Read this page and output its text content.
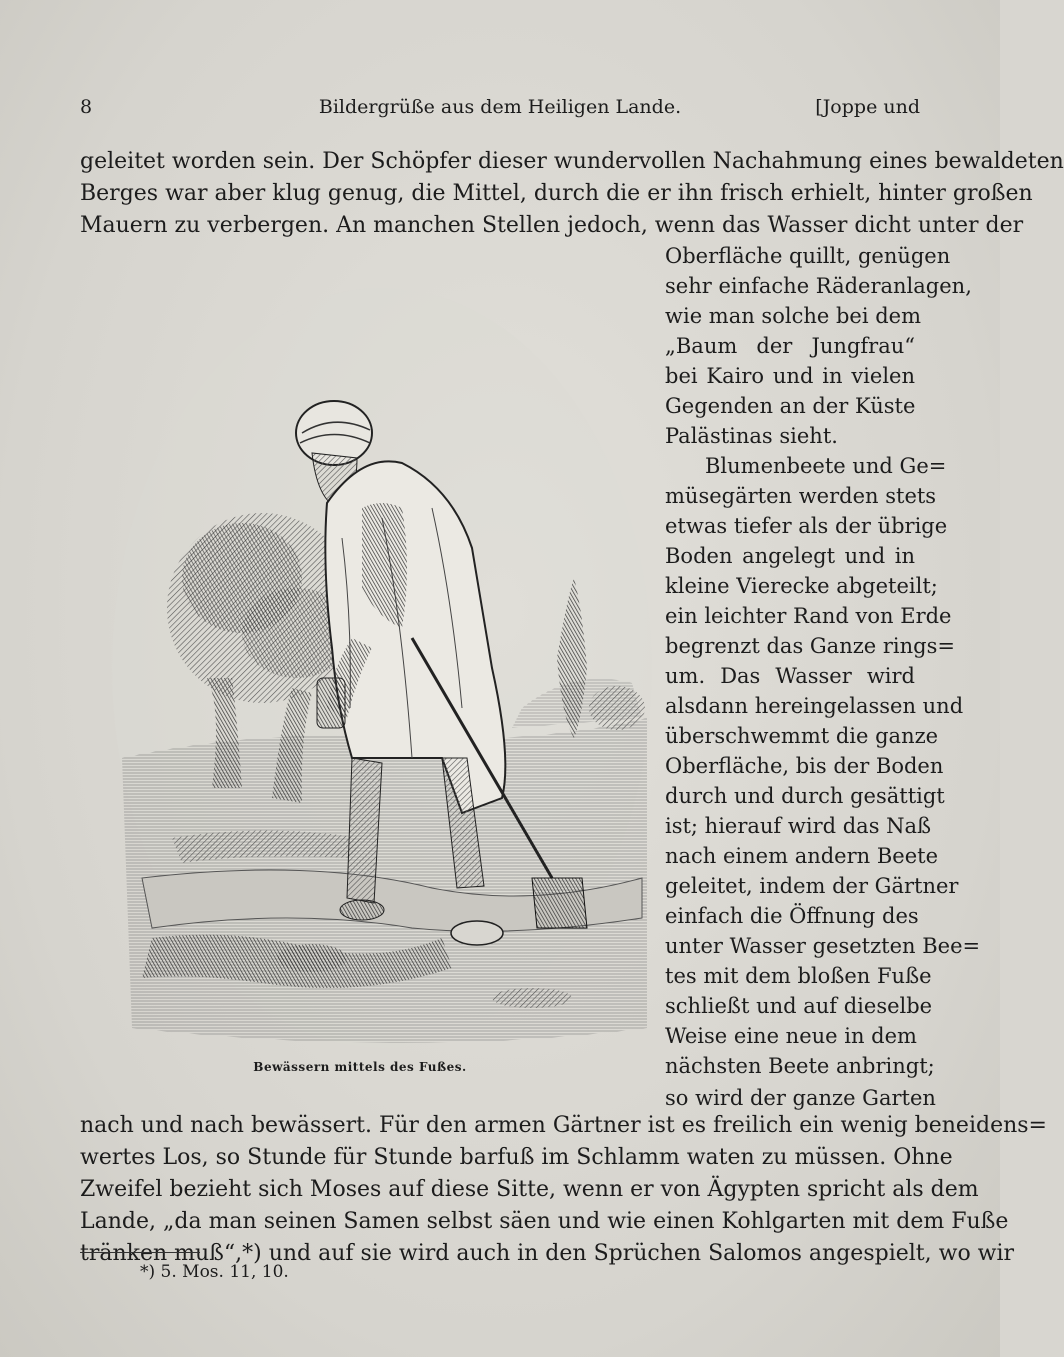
8	Bildergrüße aus dem Heiligen Lande.	[Joppe und
geleitet worden sein. Der Schöpfer dieser wundervollen Nachahmung eines bewaldeten
Berges war aber klug genug, die Mittel, durch die er ihn frisch erhielt, hinter großen
Mauern zu verbergen. An manchen Stellen jedoch, wenn das Wasser dicht unter der
Oberfläche quillt, genügen
sehr einfache Räderanlagen,
wie man solche bei dem
„Baum der Jungfrau“
bei Kairo und in vielen
Gegenden an der Küste
Palästinas sieht.
Blumenbeete und Ge=
müsegärten werden stets
etwas tiefer als der übrige
Boden angelegt und in
kleine Vierecke abgeteilt;
ein leichter Rand von Erde
begrenzt das Ganze rings=
um. Das Wasser wird
alsdann hereingelassen und
überschwemmt die ganze
Oberfläche, bis der Boden
durch und durch gesättigt
ist; hierauf wird das Naß
nach einem andern Beete
geleitet, indem der Gärtner
einfach die Öffnung des
unter Wasser gesetzten Bee=
tes mit dem bloßen Fuße
schließt und auf dieselbe
Weise eine neue in dem
nächsten Beete anbringt;
so wird der ganze Garten
nach und nach bewässert. Für den armen Gärtner ist es freilich ein wenig beneidens=
wertes Los, so Stunde für Stunde barfuß im Schlamm waten zu müssen. Ohne
Zweifel bezieht sich Moses auf diese Sitte, wenn er von Ägypten spricht als dem
Lande, „da man seinen Samen selbst säen und wie einen Kohlgarten mit dem Fuße
tränken muß“,*) und auf sie wird auch in den Sprüchen Salomos angespielt, wo wir
Bewässern mittels des Fußes.
*) 5. Mos. 11, 10.
